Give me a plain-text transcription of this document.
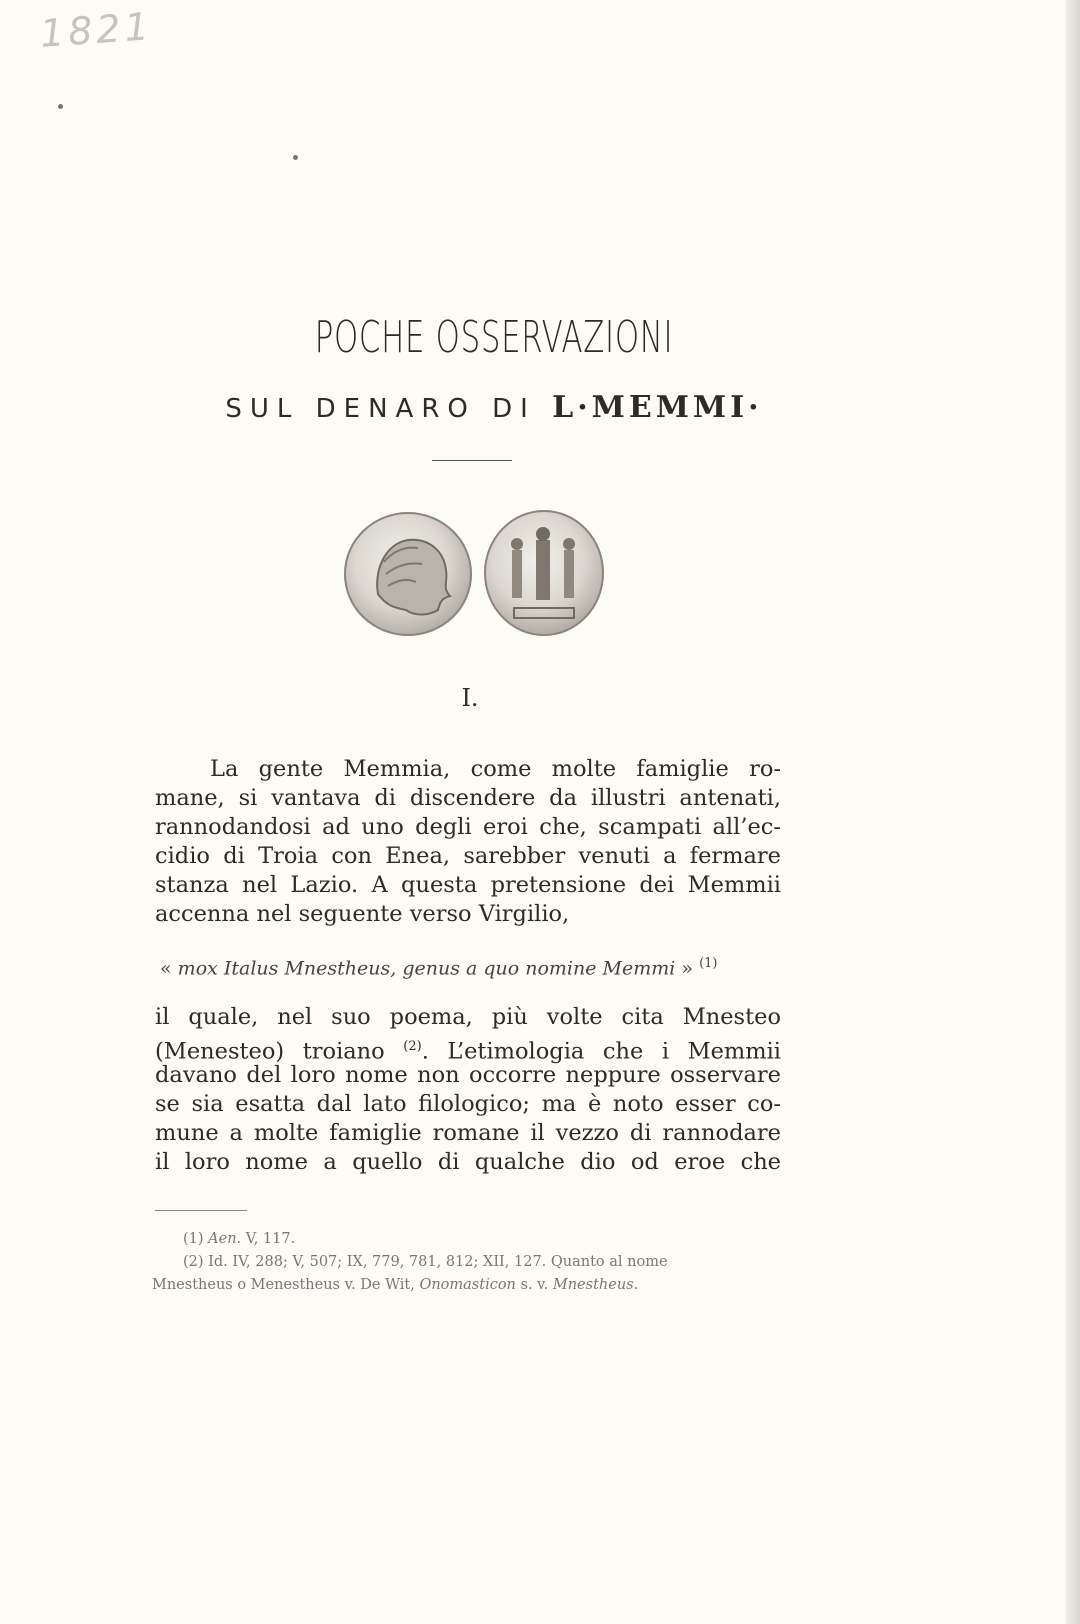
1821
POCHE OSSERVAZIONI
SUL DENARO DI L·MEMMI·
I.

La gente Memmia, come molte famiglie ro-

mane, si vantava di discendere da illustri antenati,

rannodandosi ad uno degli eroi che, scampati all’ec-

cidio di Troia con Enea, sarebber venuti a fermare

stanza nel Lazio. A questa pretensione dei Memmii

accenna nel seguente verso Virgilio,

« mox Italus Mnestheus, genus a quo nomine Memmi » $^{(1)}$

il quale, nel suo poema, più volte cita Mnesteo

(Menesteo) troiano $^{(2)}$. L’etimologia che i Memmii

davano del loro nome non occorre neppure osservare

se sia esatta dal lato filologico; ma è noto esser co-

mune a molte famiglie romane il vezzo di rannodare

il loro nome a quello di qualche dio od eroe che

(1) Aen. V, 117.
(2) Id. IV, 288; V, 507; IX, 779, 781, 812; XII, 127. Quanto al nome
Mnestheus o Menestheus v. De Wit, Onomasticon s. v. Mnestheus.
